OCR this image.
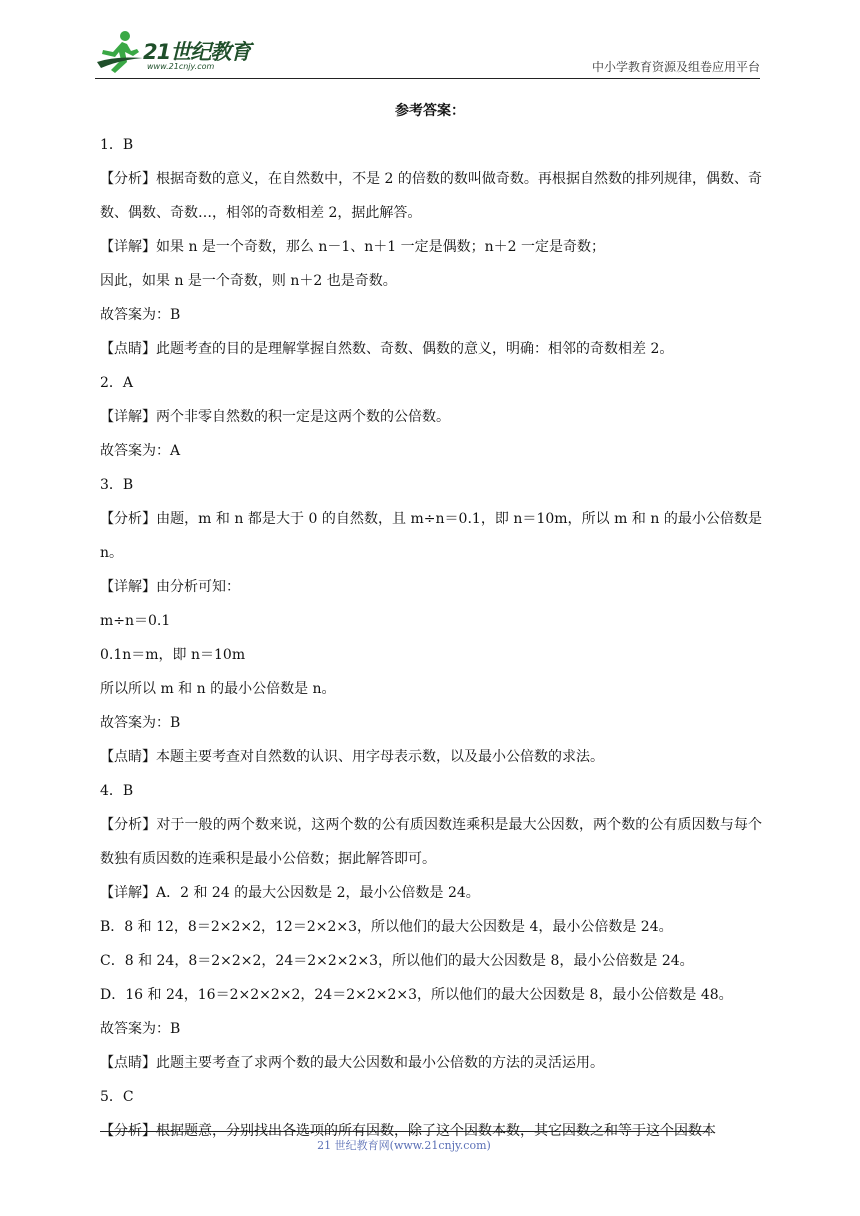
21世纪教育
www.21cnjy.com	中小学教育资源及组卷应用平台
参考答案：

1．B

【分析】根据奇数的意义，在自然数中，不是 2 的倍数的数叫做奇数。再根据自然数的排列规律，偶数、奇数、偶数、奇数…，相邻的奇数相差 2，据此解答。

【详解】如果 n 是一个奇数，那么 n－1、n＋1 一定是偶数；n＋2 一定是奇数；

因此，如果 n 是一个奇数，则 n＋2 也是奇数。

故答案为：B

【点睛】此题考查的目的是理解掌握自然数、奇数、偶数的意义，明确：相邻的奇数相差 2。

2．A

【详解】两个非零自然数的积一定是这两个数的公倍数。

故答案为：A

3．B

【分析】由题，m 和 n 都是大于 0 的自然数，且 m÷n＝0.1，即 n＝10m，所以 m 和 n 的最小公倍数是 n。

【详解】由分析可知：

m÷n＝0.1

0.1n＝m，即 n＝10m

所以所以 m 和 n 的最小公倍数是 n。

故答案为：B

【点睛】本题主要考查对自然数的认识、用字母表示数，以及最小公倍数的求法。

4．B

【分析】对于一般的两个数来说，这两个数的公有质因数连乘积是最大公因数，两个数的公有质因数与每个数独有质因数的连乘积是最小公倍数；据此解答即可。

【详解】A．2 和 24 的最大公因数是 2，最小公倍数是 24。

B．8 和 12，8＝2×2×2，12＝2×2×3，所以他们的最大公因数是 4，最小公倍数是 24。

C．8 和 24，8＝2×2×2，24＝2×2×2×3，所以他们的最大公因数是 8，最小公倍数是 24。

D．16 和 24，16＝2×2×2×2，24＝2×2×2×3，所以他们的最大公因数是 8，最小公倍数是 48。

故答案为：B

【点睛】此题主要考查了求两个数的最大公因数和最小公倍数的方法的灵活运用。

5．C

【分析】根据题意，分别找出各选项的所有因数，除了这个因数本数，其它因数之和等于这个因数本

21 世纪教育网(www.21cnjy.com)
